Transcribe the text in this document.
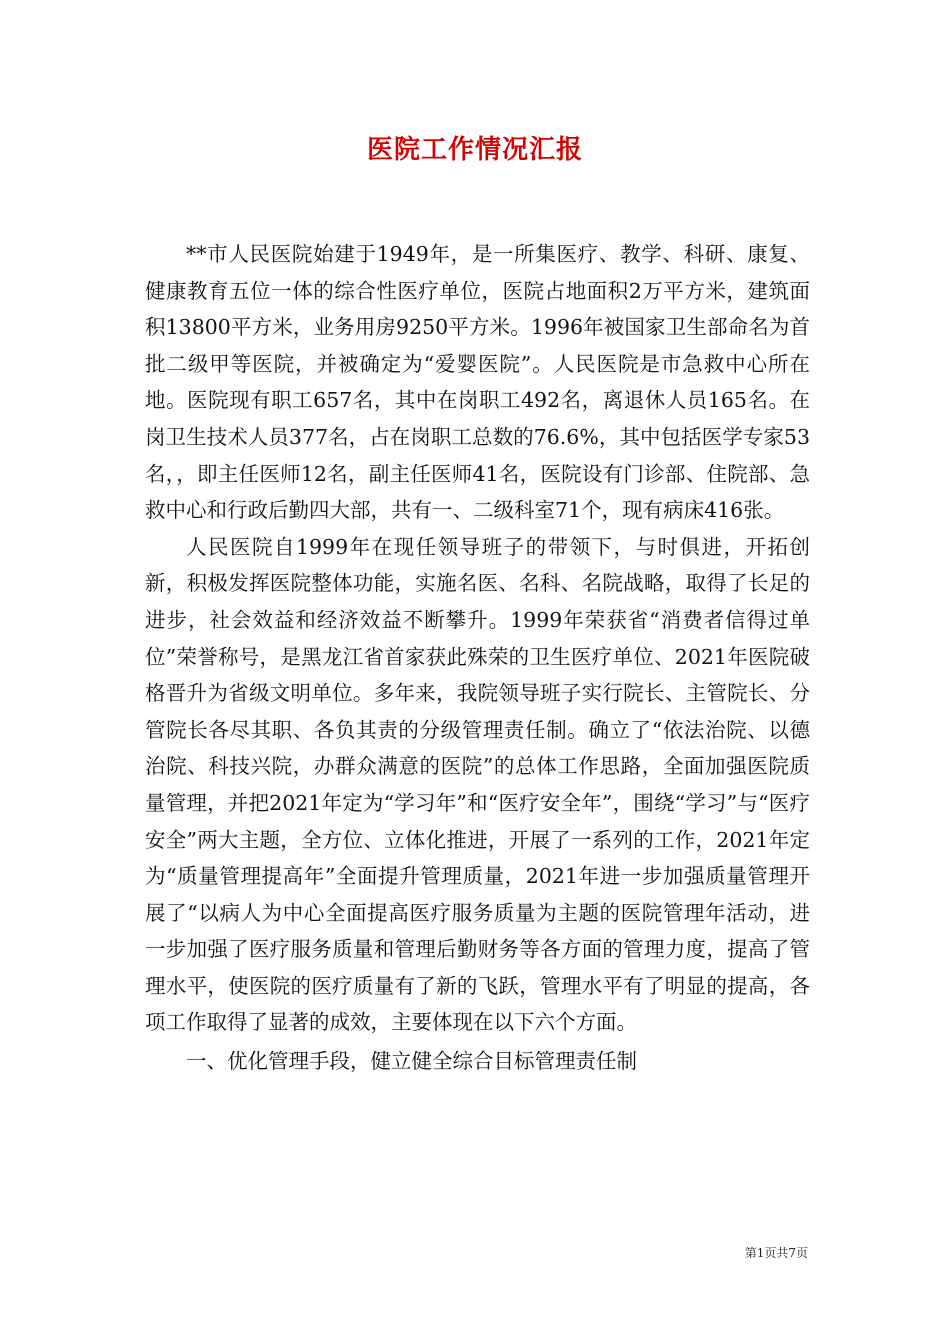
医院工作情况汇报

**市人民医院始建于1949年，是一所集医疗、教学、科研、康复、健康教育五位一体的综合性医疗单位，医院占地面积2万平方米，建筑面积13800平方米，业务用房9250平方米。1996年被国家卫生部命名为首批二级甲等医院，并被确定为“爱婴医院”。人民医院是市急救中心所在地。医院现有职工657名，其中在岗职工492名，离退休人员165名。在岗卫生技术人员377名，占在岗职工总数的76.6%，其中包括医学专家53名，，即主任医师12名，副主任医师41名，医院设有门诊部、住院部、急救中心和行政后勤四大部，共有一、二级科室71个，现有病床416张。

人民医院自1999年在现任领导班子的带领下，与时俱进，开拓创新，积极发挥医院整体功能，实施名医、名科、名院战略，取得了长足的进步，社会效益和经济效益不断攀升。1999年荣获省“消费者信得过单位”荣誉称号，是黑龙江省首家获此殊荣的卫生医疗单位、2021年医院破格晋升为省级文明单位。多年来，我院领导班子实行院长、主管院长、分管院长各尽其职、各负其责的分级管理责任制。确立了“依法治院、以德治院、科技兴院，办群众满意的医院”的总体工作思路，全面加强医院质量管理，并把2021年定为“学习年”和“医疗安全年”，围绕“学习”与“医疗安全”两大主题，全方位、立体化推进，开展了一系列的工作，2021年定为“质量管理提高年”全面提升管理质量，2021年进一步加强质量管理开展了“以病人为中心全面提高医疗服务质量为主题的医院管理年活动，进一步加强了医疗服务质量和管理后勤财务等各方面的管理力度，提高了管理水平，使医院的医疗质量有了新的飞跃，管理水平有了明显的提高，各项工作取得了显著的成效，主要体现在以下六个方面。

一、优化管理手段，健立健全综合目标管理责任制

第1页共7页
